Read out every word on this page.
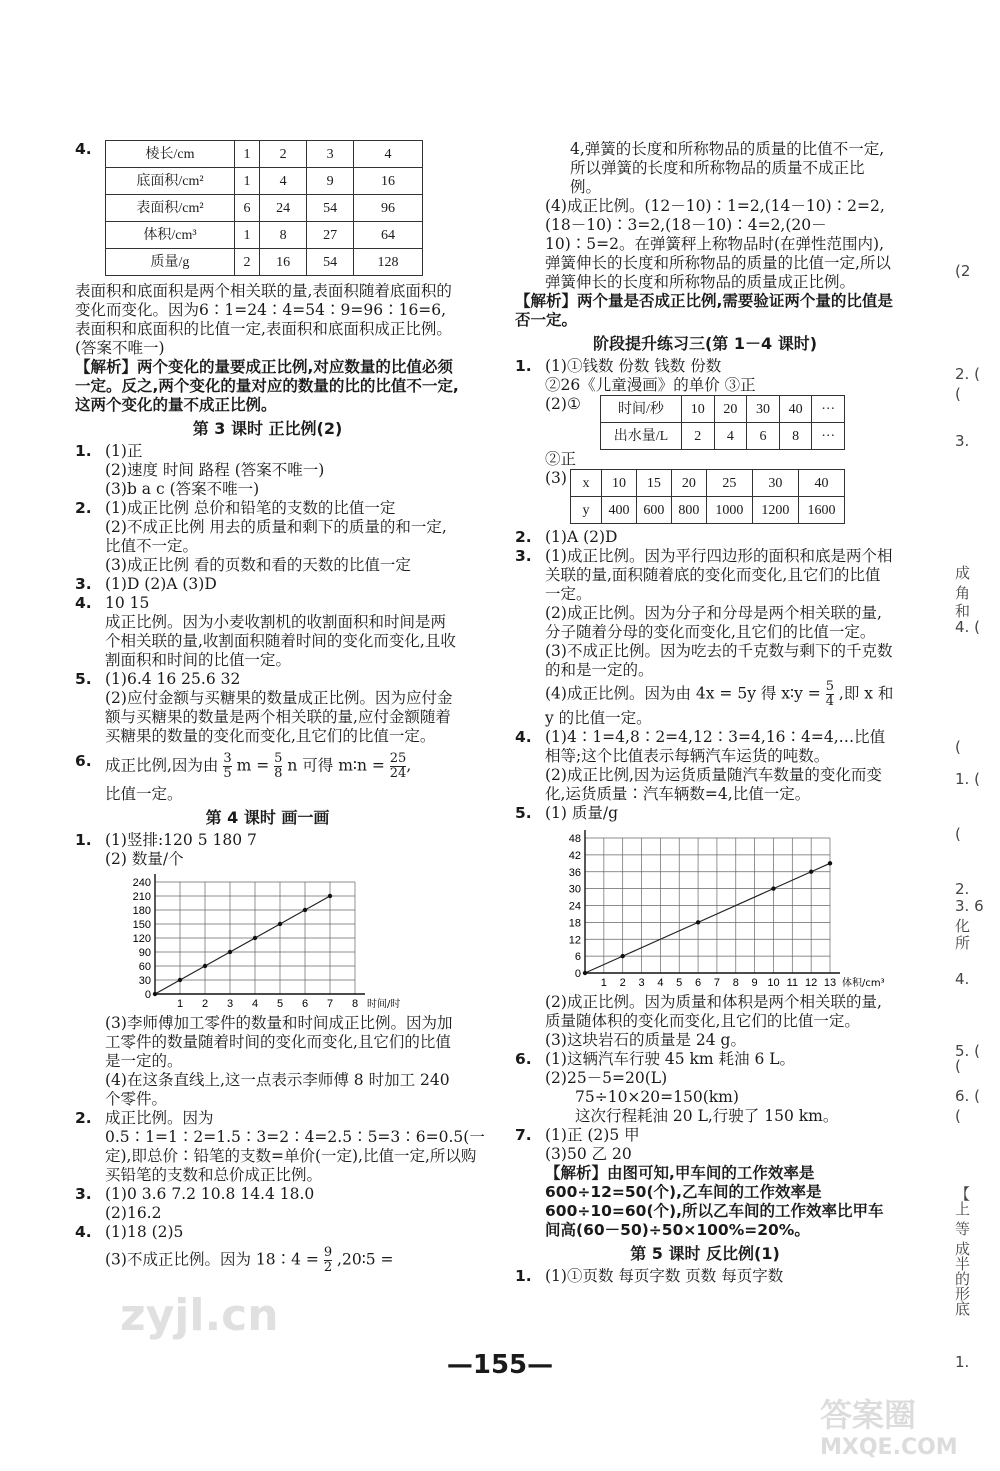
4.	棱长/cm	1	2	3	4
底面积/cm²	1	4	9	16
表面积/cm²	6	24	54	96
体积/cm³	1	8	27	64
质量/g	2	16	54	128
表面积和底面积是两个相关联的量,表面积随着底面积的变化而变化。因为6∶1=24∶4=54∶9=96∶16=6,表面积和底面积的比值一定,表面积和底面积成正比例。(答案不唯一)
【解析】两个变化的量要成正比例,对应数量的比值必须一定。反之,两个变化的量对应的数量的比的比值不一定,这两个变化的量不成正比例。
第 3 课时 正比例(2)
1. (1)正
(2)速度 时间 路程 (答案不唯一)
(3)b a c (答案不唯一)
2. (1)成正比例 总价和铅笔的支数的比值一定
(2)不成正比例 用去的质量和剩下的质量的和一定,比值不一定。
(3)成正比例 看的页数和看的天数的比值一定
3. (1)D (2)A (3)D
4. 10 15
成正比例。因为小麦收割机的收割面积和时间是两个相关联的量,收割面积随着时间的变化而变化,且收割面积和时间的比值一定。
5. (1)6.4 16 25.6 32
(2)应付金额与买糖果的数量成正比例。因为应付金额与买糖果的数量是两个相关联的量,应付金额随着买糖果的数量的变化而变化,且它们的比值一定。
6. 成正比例,因为由 $\frac{3}{5}$ $m = \frac{5}{8}$ n 可得 m∶n = $\frac{25}{24}$ ,
比值一定。
第 4 课时 画一画
1. (1)竖排:120 5 180 7
(2) 数量/个
0
30
60
90
120
150
180
210
240
1 2 3 4 5 6 7 8 时间/时
(3)李师傅加工零件的数量和时间成正比例。因为加工零件的数量随着时间的变化而变化,且它们的比值是一定的。
(4)在这条直线上,这一点表示李师傅 8 时加工 240 个零件。
2. 成正比例。因为 0.5∶1=1∶2=1.5∶3=2∶4=2.5∶5=3∶6=0.5(一定),即总价∶铅笔的支数=单价(一定),比值一定,所以购买铅笔的支数和总价成正比例。
3. (1)0 3.6 7.2 10.8 14.4 18.0
(2)16.2
4. (1)18 (2)5
(3)不成正比例。因为 18∶4 = $\frac{9}{2}$ ,20∶5 =
4,弹簧的长度和所称物品的质量的比值不一定,所以弹簧的长度和所称物品的质量不成正比例。
(4)成正比例。(12－10)∶1=2,(14－10)∶2=2,(18－10)∶3=2,(18－10)∶4=2,(20－10)∶5=2。在弹簧秤上称物品时(在弹性范围内),弹簧伸长的长度和所称物品的质量的比值一定,所以弹簧伸长的长度和所称物品的质量成正比例。
【解析】两个量是否成正比例,需要验证两个量的比值是否一定。
阶段提升练习三(第 1－4 课时)
1. (1)①钱数 份数 钱数 份数
②26《儿童漫画》的单价 ③正
(2)①	时间/秒	10	20	30	40	···
出水量/L	2	4	6	8	···
②正
(3) x	10	15	20	25	30	40
y	400	600	800	1000	1200	1600
2. (1)A (2)D
3. (1)成正比例。因为平行四边形的面积和底是两个相关联的量,面积随着底的变化而变化,且它们的比值一定。
(2)成正比例。因为分子和分母是两个相关联的量,分子随着分母的变化而变化,且它们的比值一定。
(3)不成正比例。因为吃去的千克数与剩下的千克数的和是一定的。
(4)成正比例。因为由 4x = 5y 得 x∶y = $\frac{5}{4}$ ,即 x 和 y 的比值一定。
4. (1)4∶1=4,8∶2=4,12∶3=4,16∶4=4,…比值相等;这个比值表示每辆汽车运货的吨数。
(2)成正比例,因为运货质量随汽车数量的变化而变化,运货质量∶汽车辆数=4,比值一定。
5. (1) 质量/g
0
6
12
18
24
30
36
42
48
1 2 3 4 5 6 7 8 9 10 11 12 13 体积/cm³
(2)成正比例。因为质量和体积是两个相关联的量,质量随体积的变化而变化,且它们的比值一定。
(3)这块岩石的质量是 24 g。
6. (1)这辆汽车行驶 45 km 耗油 6 L。
(2)25－5=20(L)
75÷10×20=150(km)
这次行程耗油 20 L,行驶了 150 km。
7. (1)正 (2)5 甲
(3)50 乙 20
【解析】由图可知,甲车间的工作效率是 600÷12=50(个),乙车间的工作效率是 600÷10=60(个),所以乙车间的工作效率比甲车间高(60－50)÷50×100%=20%。
第 5 课时 反比例(1)
1. (1)①页数 每页字数 页数 每页字数
—155—
(2
2. (
(
3.
成
角
和
4. (
(
1. (
(
2.
3. 6
化
所
4.
5. (
(
6. (
(
【
上
等
成
半
的
形
底
1.
zyjl.cn
答案圈
MXQE.COM
